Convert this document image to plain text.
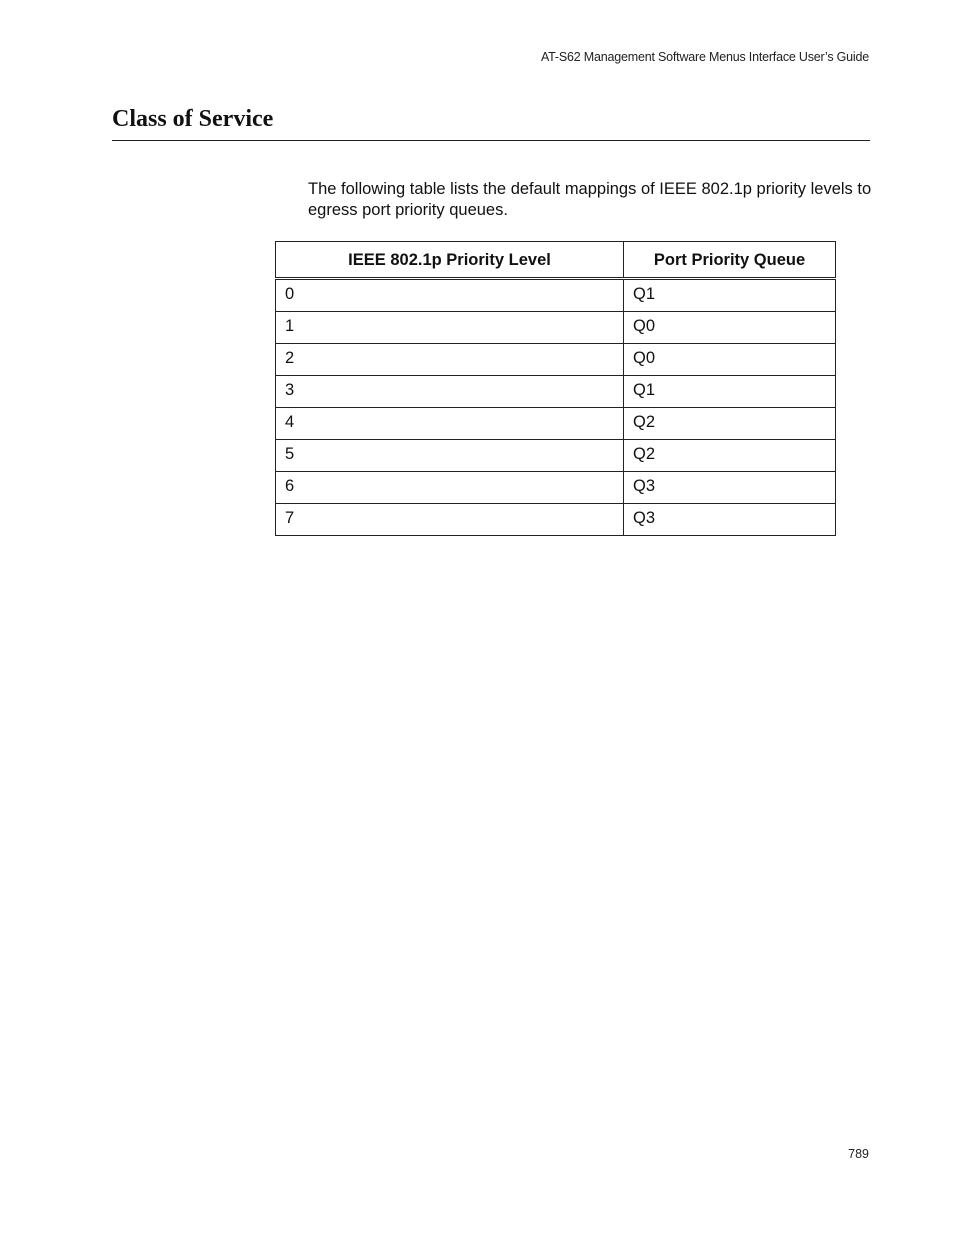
AT-S62 Management Software Menus Interface User’s Guide
Class of Service

The following table lists the default mappings of IEEE 802.1p priority levels to egress port priority queues.

IEEE 802.1p Priority Level	Port Priority Queue
0	Q1
1	Q0
2	Q0
3	Q1
4	Q2
5	Q2
6	Q3
7	Q3
789
